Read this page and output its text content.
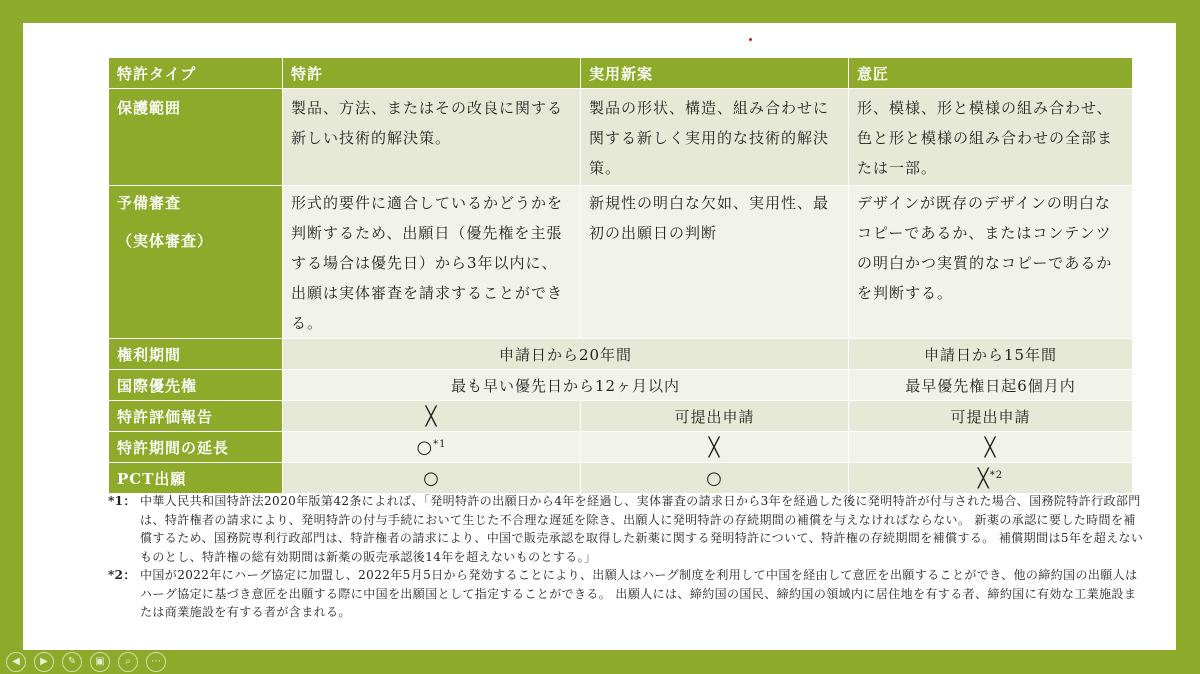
特許タイプ	特許	実用新案	意匠
保護範囲	製品、方法、またはその改良に関する新しい技術的解決策。	製品の形状、構造、組み合わせに関する新しく実用的な技術的解決策。	形、模様、形と模様の組み合わせ、色と形と模様の組み合わせの全部または一部。

予備審査
（実体審査）	形式的要件に適合しているかどうかを判断するため、出願日（優先権を主張する場合は優先日）から3年以内に、出願は実体審査を請求することができる。	新規性の明白な欠如、実用性、最初の出願日の判断	デザインが既存のデザインの明白なコピーであるか、またはコンテンツの明白かつ実質的なコピーであるかを判断する。
権利期間	申請日から20年間		申請日から15年間
国際優先権	最も早い優先日から12ヶ月以内		最早優先権日起6個月内
特許評価報告	╳	可提出申請	可提出申請
特許期間の延長	○$^{*1}$	╳	╳
PCT出願	○	○	╳$^{*2}$
*1： 中華人民共和国特許法2020年版第42条によれば、「発明特許の出願日から4年を経過し、実体審査の請求日から3年を経過した後に発明特許が付与された場合、国務院特許行政部門は、特許権者の請求により、発明特許の付与手続において生じた不合理な遅延を除き、出願人に発明特許の存続期間の補償を与えなければならない。 新薬の承認に要した時間を補償するため、国務院専利行政部門は、特許権者の請求により、中国で販売承認を取得した新薬に関する発明特許について、特許権の存続期間を補償する。 補償期間は5年を超えないものとし、特許権の総有効期間は新薬の販売承認後14年を超えないものとする。」
*2： 中国が2022年にハーグ協定に加盟し、2022年5月5日から発効することにより、出願人はハーグ制度を利用して中国を経由して意匠を出願することができ、他の締約国の出願人はハーグ協定に基づき意匠を出願する際に中国を出願国として指定することができる。 出願人には、締約国の国民、締約国の領域内に居住地を有する者、締約国に有効な工業施設または商業施設を有する者が含まれる。
◀	▶	✎	▣	⌕	⋯
